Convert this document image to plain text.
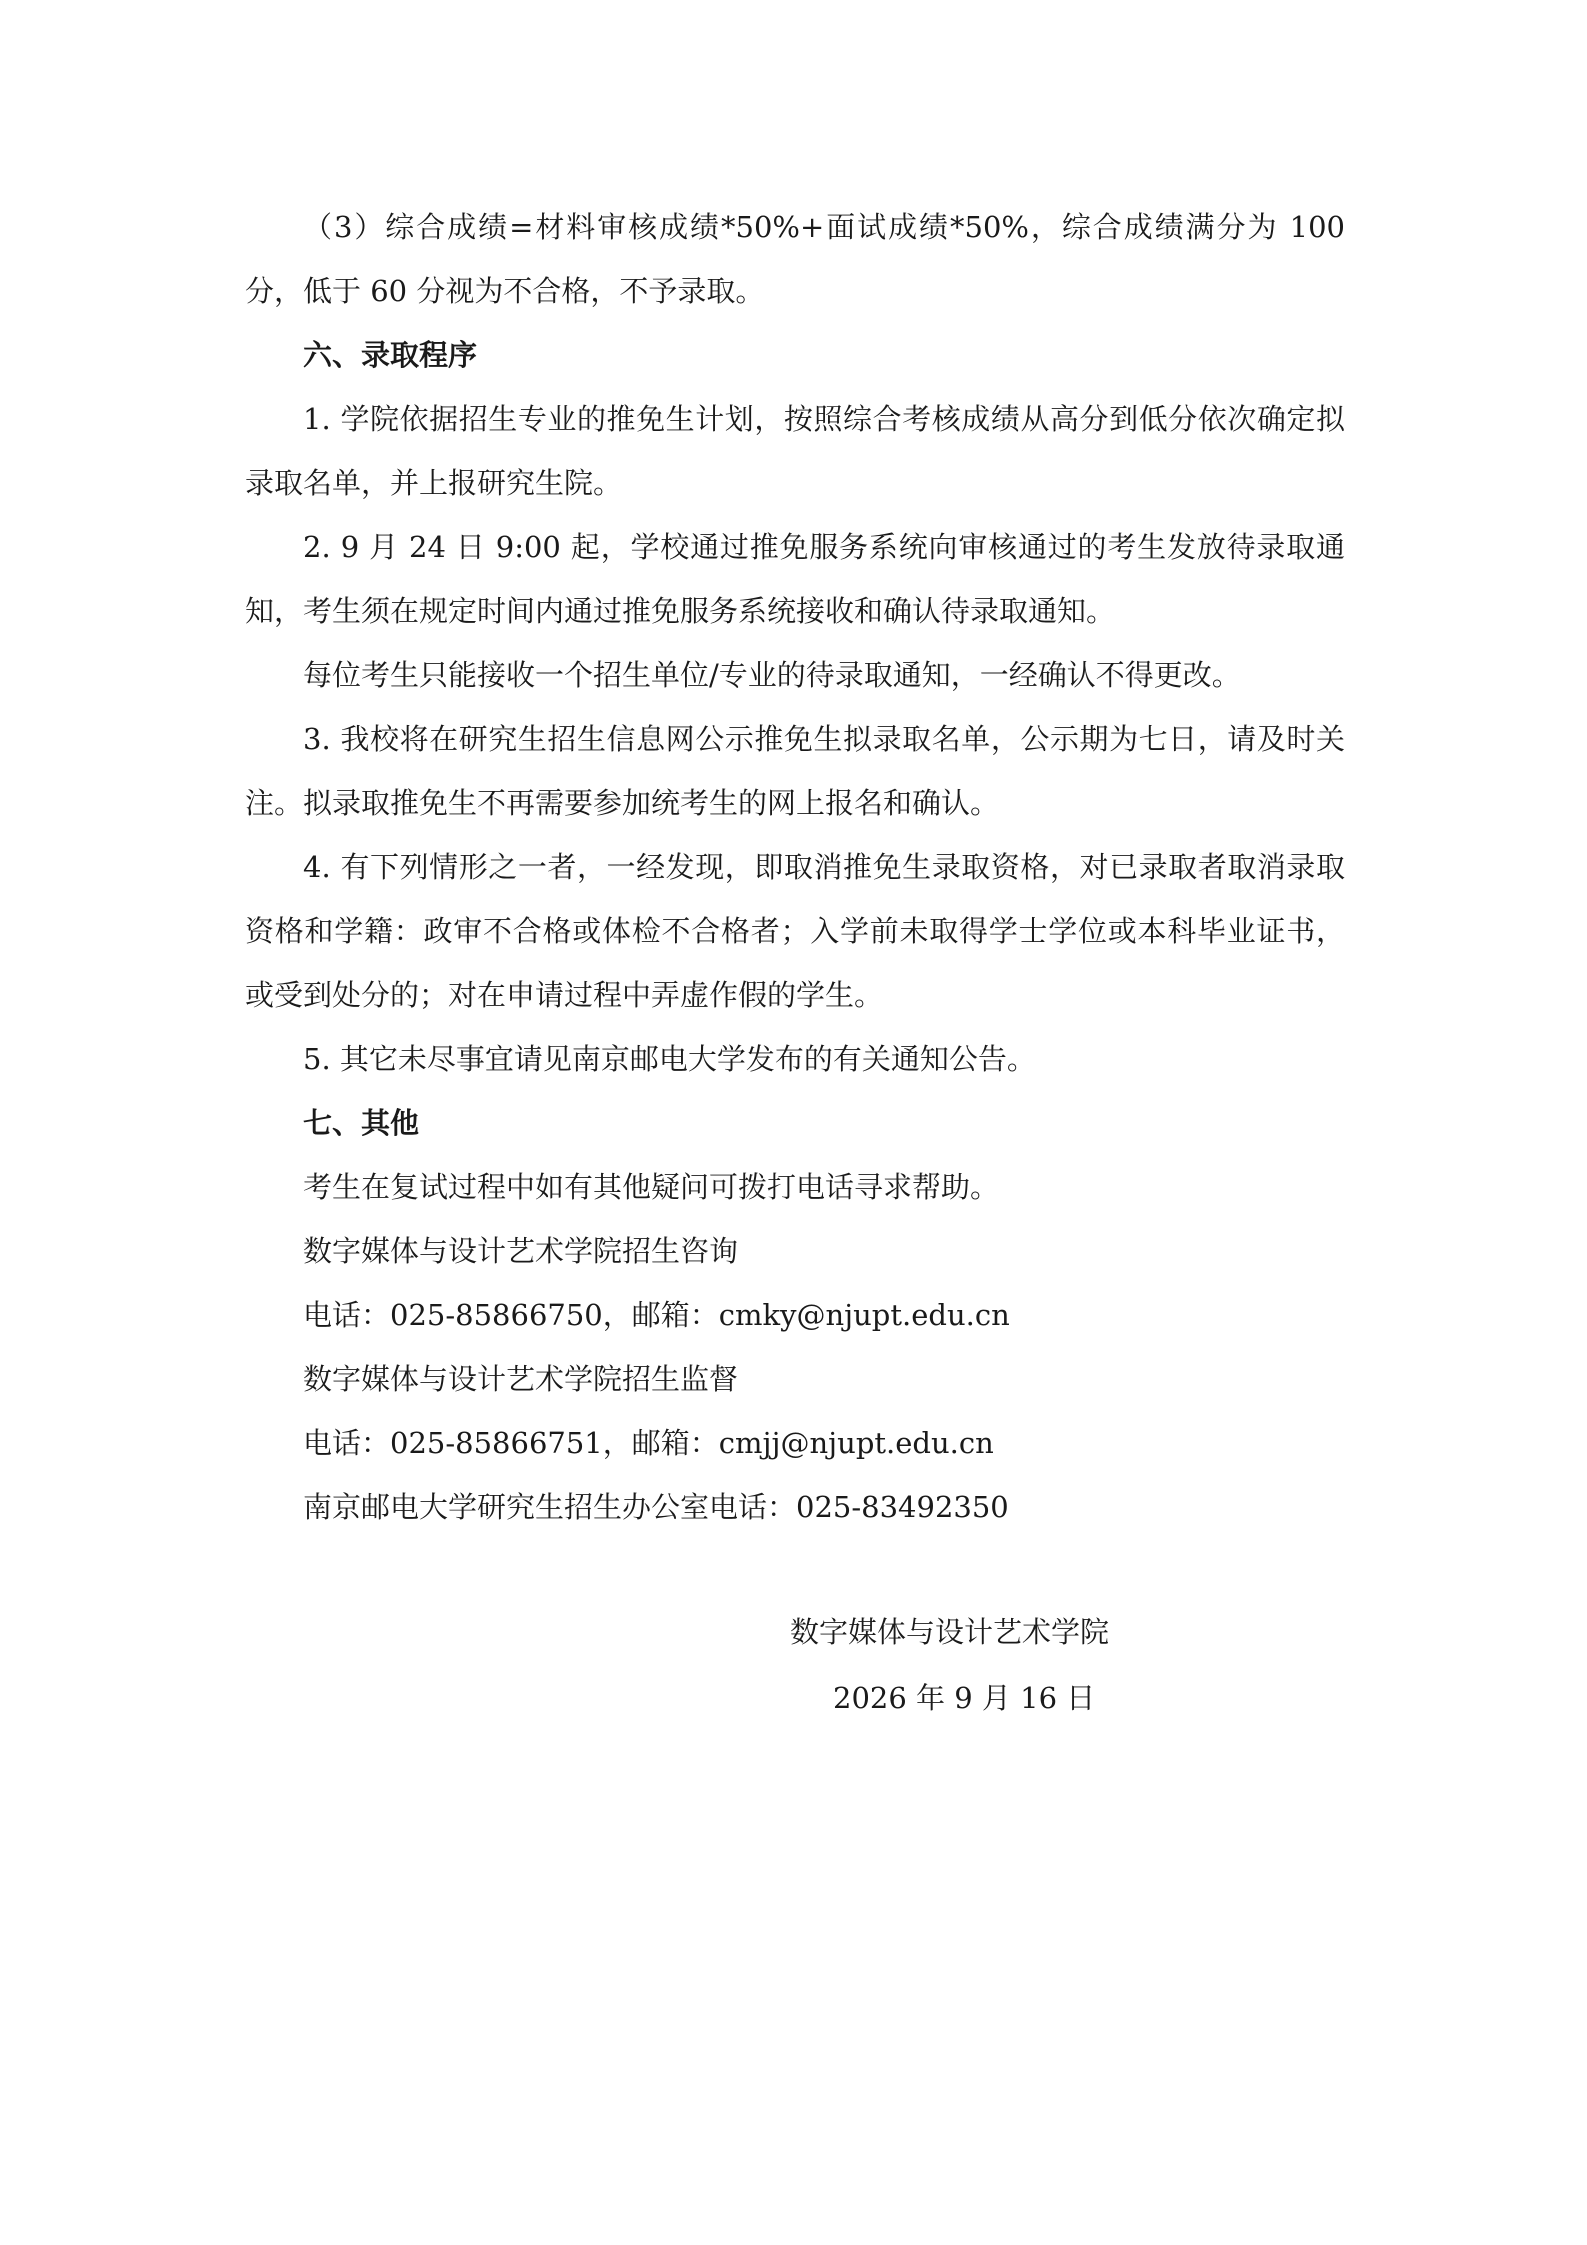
（3）综合成绩=材料审核成绩*50%+面试成绩*50%，综合成绩满分为 100 分，低于 60 分视为不合格，不予录取。

六、录取程序

1. 学院依据招生专业的推免生计划，按照综合考核成绩从高分到低分依次确定拟录取名单，并上报研究生院。

2. 9 月 24 日 9:00 起，学校通过推免服务系统向审核通过的考生发放待录取通知，考生须在规定时间内通过推免服务系统接收和确认待录取通知。

每位考生只能接收一个招生单位/专业的待录取通知，一经确认不得更改。

3. 我校将在研究生招生信息网公示推免生拟录取名单，公示期为七日，请及时关注。拟录取推免生不再需要参加统考生的网上报名和确认。

4. 有下列情形之一者，一经发现，即取消推免生录取资格，对已录取者取消录取资格和学籍：政审不合格或体检不合格者；入学前未取得学士学位或本科毕业证书，或受到处分的；对在申请过程中弄虚作假的学生。

5. 其它未尽事宜请见南京邮电大学发布的有关通知公告。

七、其他

考生在复试过程中如有其他疑问可拨打电话寻求帮助。

数字媒体与设计艺术学院招生咨询

电话：025-85866750，邮箱：cmky@njupt.edu.cn

数字媒体与设计艺术学院招生监督

电话：025-85866751，邮箱：cmjj@njupt.edu.cn

南京邮电大学研究生招生办公室电话：025-83492350

数字媒体与设计艺术学院
2026 年 9 月 16 日
